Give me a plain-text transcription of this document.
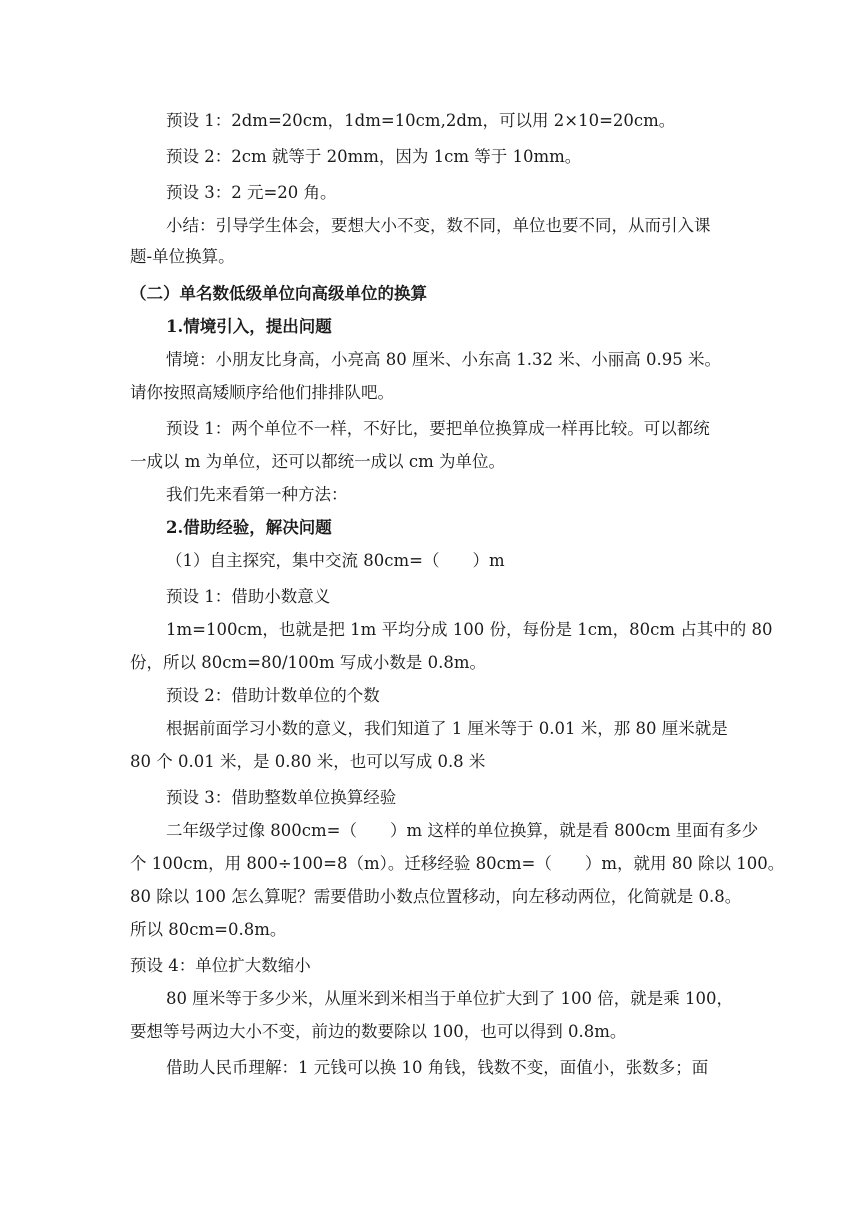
预设 1：2dm=20cm，1dm=10cm,2dm，可以用 2×10=20cm。
预设 2：2cm 就等于 20mm，因为 1cm 等于 10mm。
预设 3：2 元=20 角。
小结：引导学生体会，要想大小不变，数不同，单位也要不同，从而引入课
题-单位换算。
（二）单名数低级单位向高级单位的换算
1.情境引入，提出问题
情境：小朋友比身高，小亮高 80 厘米、小东高 1.32 米、小丽高 0.95 米。
请你按照高矮顺序给他们排排队吧。
预设 1：两个单位不一样，不好比，要把单位换算成一样再比较。可以都统
一成以 m 为单位，还可以都统一成以 cm 为单位。
我们先来看第一种方法：
2.借助经验，解决问题
（1）自主探究，集中交流 80cm=（　　）m
预设 1：借助小数意义
1m=100cm，也就是把 1m 平均分成 100 份，每份是 1cm，80cm 占其中的 80
份，所以 80cm=80/100m 写成小数是 0.8m。
预设 2：借助计数单位的个数
根据前面学习小数的意义，我们知道了 1 厘米等于 0.01 米，那 80 厘米就是
80 个 0.01 米，是 0.80 米，也可以写成 0.8 米
预设 3：借助整数单位换算经验
二年级学过像 800cm=（　　）m 这样的单位换算，就是看 800cm 里面有多少
个 100cm，用 800÷100=8（m）。迁移经验 80cm=（　　）m，就用 80 除以 100。
80 除以 100 怎么算呢？需要借助小数点位置移动，向左移动两位，化简就是 0.8。
所以 80cm=0.8m。
预设 4：单位扩大数缩小
80 厘米等于多少米，从厘米到米相当于单位扩大到了 100 倍，就是乘 100，
要想等号两边大小不变，前边的数要除以 100，也可以得到 0.8m。
借助人民币理解：1 元钱可以换 10 角钱，钱数不变，面值小，张数多；面
